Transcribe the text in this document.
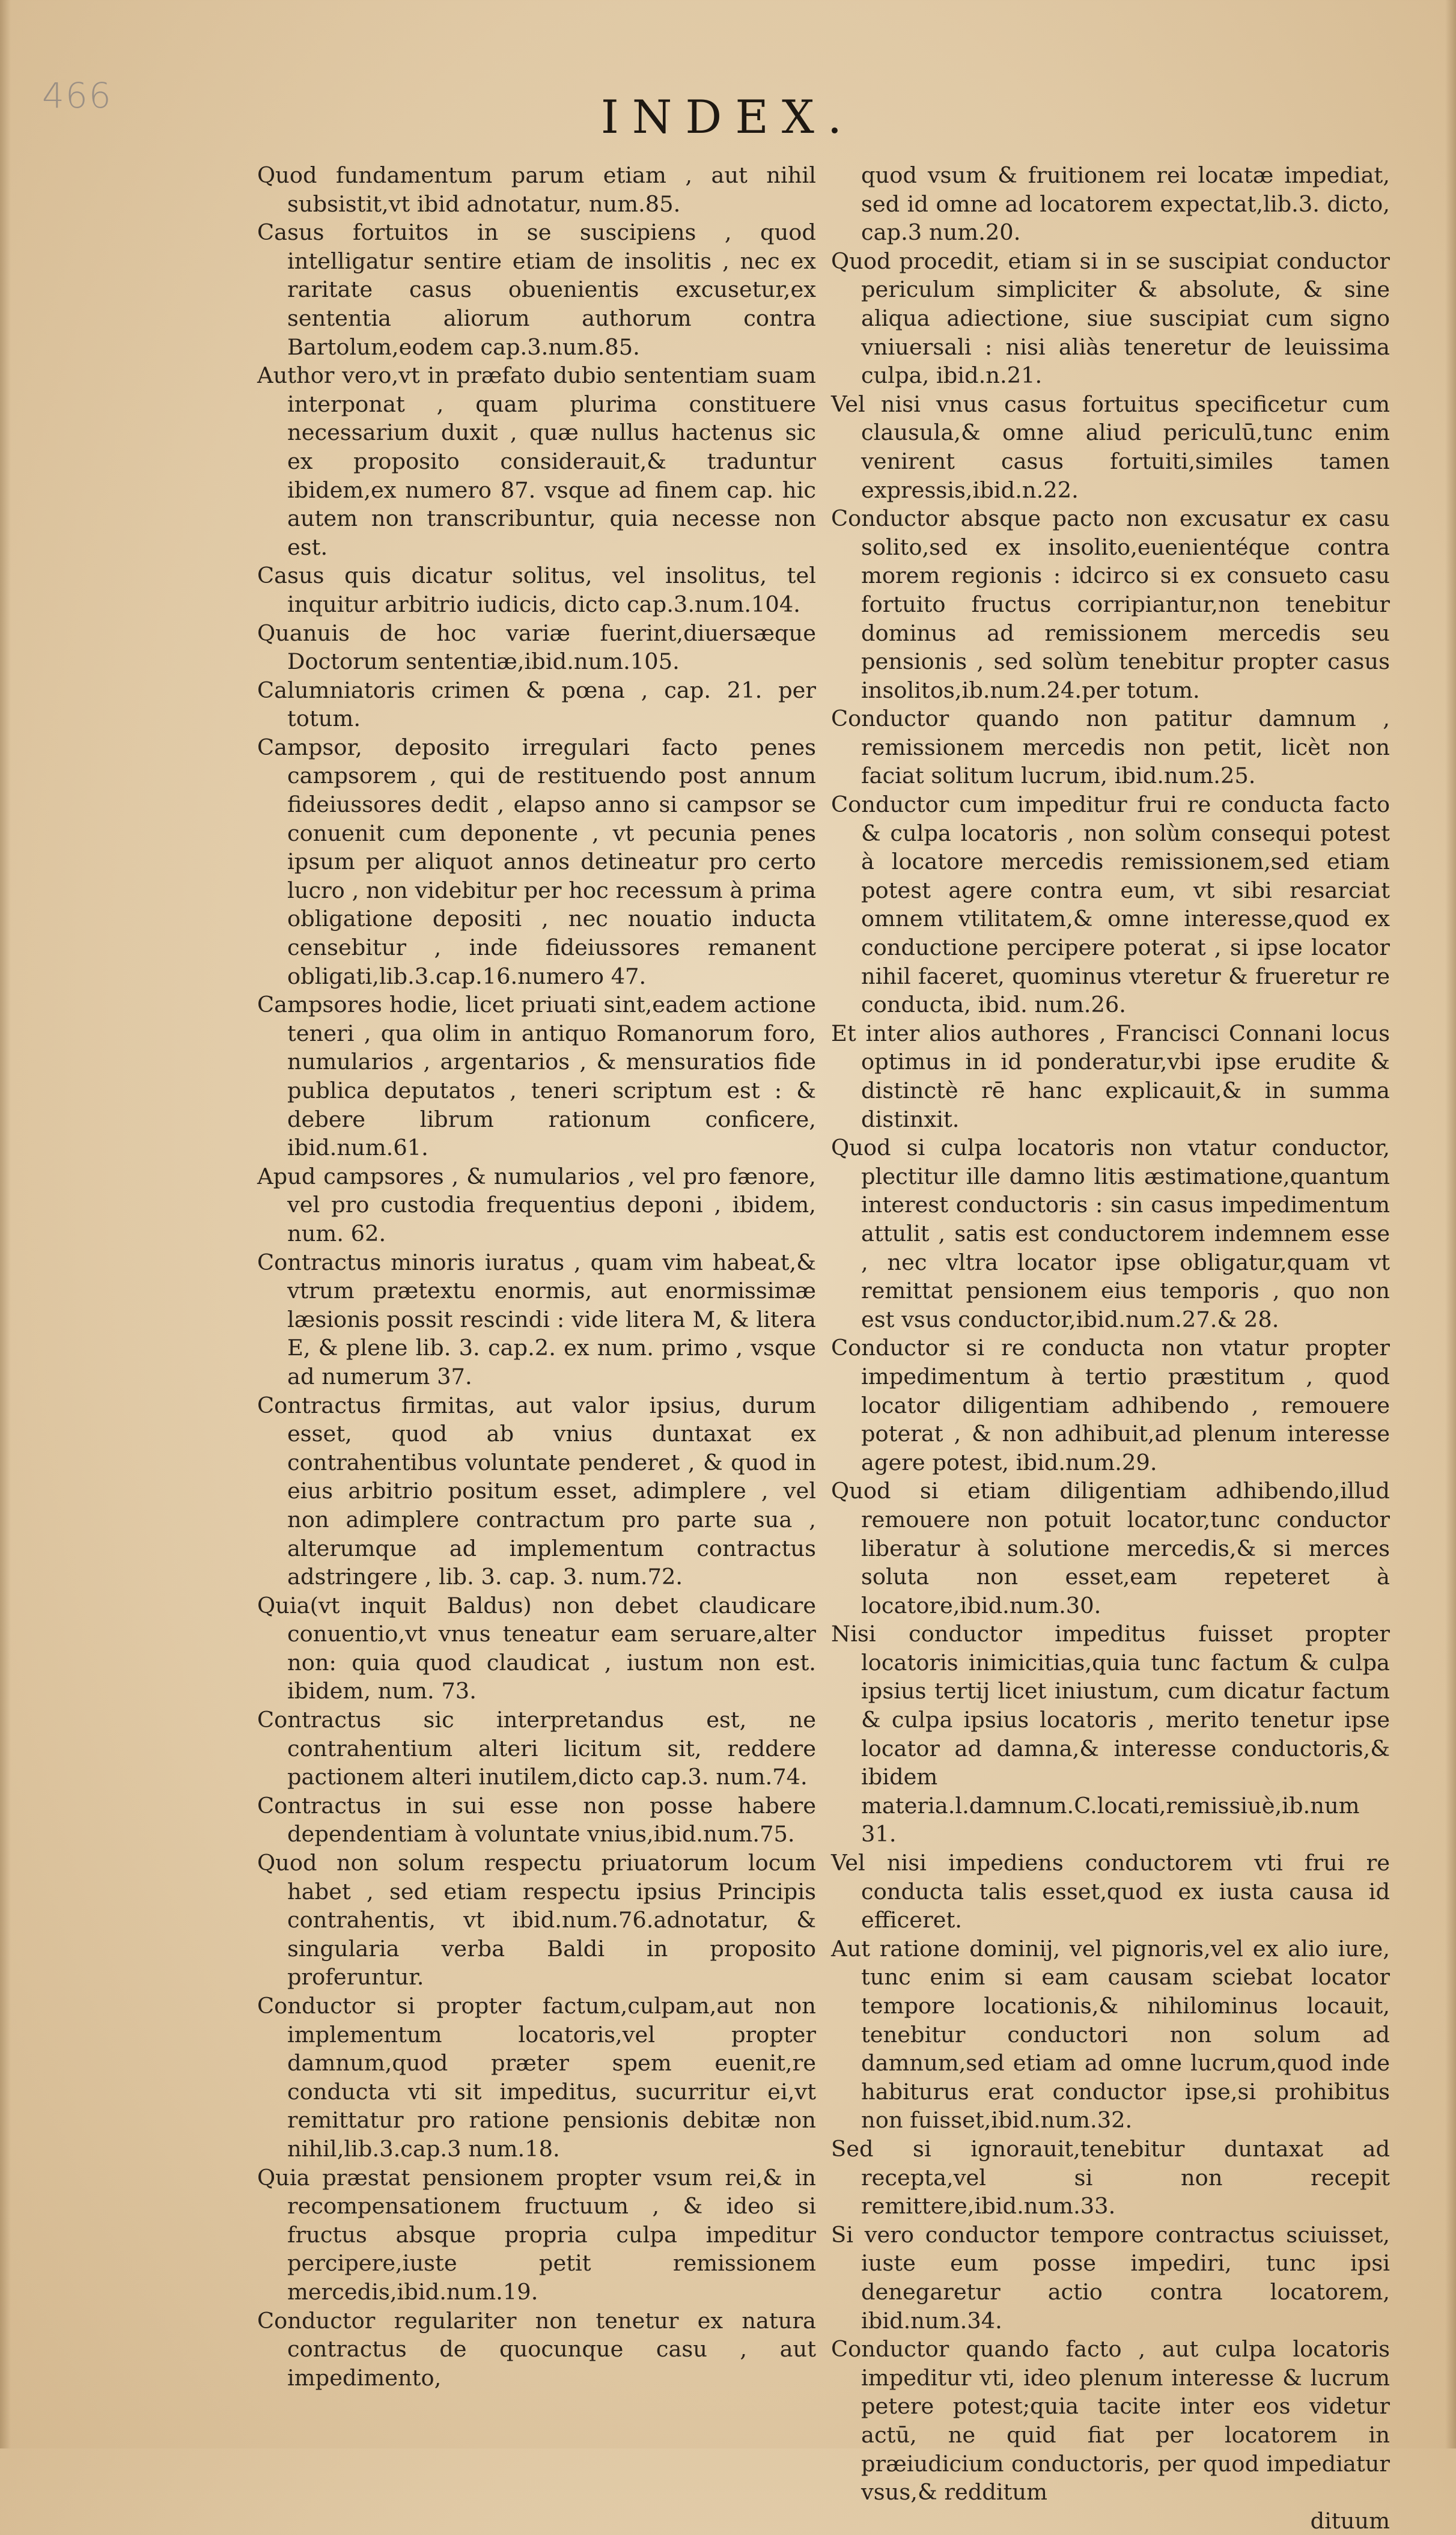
466	INDEX.

Quod fundamentum parum etiam , aut nihil subsistit,vt ibid adnotatur, num.85.

Casus fortuitos in se suscipiens , quod intelligatur sentire etiam de insolitis , nec ex raritate casus obuenientis excusetur,ex sententia aliorum authorum contra Bartolum,eodem cap.3.num.85.

Author vero,vt in præfato dubio sententiam suam interponat , quam plurima constituere necessarium duxit , quæ nullus hactenus sic ex proposito considerauit,& traduntur ibidem,ex numero 87. vsque ad finem cap. hic autem non transcribuntur, quia necesse non est.

Casus quis dicatur solitus, vel insolitus, tel inquitur arbitrio iudicis, dicto cap.3.num.104.

Quanuis de hoc variæ fuerint,diuersæque Doctorum sententiæ,ibid.num.105.

Calumniatoris crimen & pœna , cap. 21. per totum.

Campsor, deposito irregulari facto penes campsorem , qui de restituendo post annum fideiussores dedit , elapso anno si campsor se conuenit cum deponente , vt pecunia penes ipsum per aliquot annos detineatur pro certo lucro , non videbitur per hoc recessum à prima obligatione depositi , nec nouatio inducta censebitur , inde fideiussores remanent obligati,lib.3.cap.16.numero 47.

Campsores hodie, licet priuati sint,eadem actione teneri , qua olim in antiquo Romanorum foro, numularios , argentarios , & mensuratios fide publica deputatos , teneri scriptum est : & debere librum rationum conficere, ibid.num.61.

Apud campsores , & numularios , vel pro fænore, vel pro custodia frequentius deponi , ibidem, num. 62.

Contractus minoris iuratus , quam vim habeat,& vtrum prætextu enormis, aut enormissimæ læsionis possit rescindi : vide litera M, & litera E, & plene lib. 3. cap.2. ex num. primo , vsque ad numerum 37.

Contractus firmitas, aut valor ipsius, durum esset, quod ab vnius duntaxat ex contrahentibus voluntate penderet , & quod in eius arbitrio positum esset, adimplere , vel non adimplere contractum pro parte sua , alterumque ad implementum contractus adstringere , lib. 3. cap. 3. num.72.

Quia(vt inquit Baldus) non debet claudicare conuentio,vt vnus teneatur eam seruare,alter non: quia quod claudicat , iustum non est. ibidem, num. 73.

Contractus sic interpretandus est, ne contrahentium alteri licitum sit, reddere pactionem alteri inutilem,dicto cap.3. num.74.

Contractus in sui esse non posse habere dependentiam à voluntate vnius,ibid.num.75.

Quod non solum respectu priuatorum locum habet , sed etiam respectu ipsius Principis contrahentis, vt ibid.num.76.adnotatur, & singularia verba Baldi in proposito proferuntur.

Conductor si propter factum,culpam,aut non implementum locatoris,vel propter damnum,quod præter spem euenit,re conducta vti sit impeditus, sucurritur ei,vt remittatur pro ratione pensionis debitæ non nihil,lib.3.cap.3 num.18.

Quia præstat pensionem propter vsum rei,& in recompensationem fructuum , & ideo si fructus absque propria culpa impeditur percipere,iuste petit remissionem mercedis,ibid.num.19.

Conductor regulariter non tenetur ex natura contractus de quocunque casu , aut impedimento,

quod vsum & fruitionem rei locatæ impediat, sed id omne ad locatorem expectat,lib.3. dicto, cap.3 num.20.

Quod procedit, etiam si in se suscipiat conductor periculum simpliciter & absolute, & sine aliqua adiectione, siue suscipiat cum signo vniuersali : nisi aliàs teneretur de leuissima culpa, ibid.n.21.

Vel nisi vnus casus fortuitus specificetur cum clausula,& omne aliud periculū,tunc enim venirent casus fortuiti,similes tamen expressis,ibid.n.22.

Conductor absque pacto non excusatur ex casu solito,sed ex insolito,euenientéque contra morem regionis : idcirco si ex consueto casu fortuito fructus corripiantur,non tenebitur dominus ad remissionem mercedis seu pensionis , sed solùm tenebitur propter casus insolitos,ib.num.24.per totum.

Conductor quando non patitur damnum , remissionem mercedis non petit, licèt non faciat solitum lucrum, ibid.num.25.

Conductor cum impeditur frui re conducta facto & culpa locatoris , non solùm consequi potest à locatore mercedis remissionem,sed etiam potest agere contra eum, vt sibi resarciat omnem vtilitatem,& omne interesse,quod ex conductione percipere poterat , si ipse locator nihil faceret, quominus vteretur & frueretur re conducta, ibid. num.26.

Et inter alios authores , Francisci Connani locus optimus in id ponderatur,vbi ipse erudite & distinctè rē hanc explicauit,& in summa distinxit.

Quod si culpa locatoris non vtatur conductor, plectitur ille damno litis æstimatione,quantum interest conductoris : sin casus impedimentum attulit , satis est conductorem indemnem esse , nec vltra locator ipse obligatur,quam vt remittat pensionem eius temporis , quo non est vsus conductor,ibid.num.27.& 28.

Conductor si re conducta non vtatur propter impedimentum à tertio præstitum , quod locator diligentiam adhibendo , remouere poterat , & non adhibuit,ad plenum interesse agere potest, ibid.num.29.

Quod si etiam diligentiam adhibendo,illud remouere non potuit locator,tunc conductor liberatur à solutione mercedis,& si merces soluta non esset,eam repeteret à locatore,ibid.num.30.

Nisi conductor impeditus fuisset propter locatoris inimicitias,quia tunc factum & culpa ipsius tertij licet iniustum, cum dicatur factum & culpa ipsius locatoris , merito tenetur ipse locator ad damna,& interesse conductoris,& ibidem materia.l.damnum.C.locati,remissiuè,ib.num 31.

Vel nisi impediens conductorem vti frui re conducta talis esset,quod ex iusta causa id efficeret.

Aut ratione dominij, vel pignoris,vel ex alio iure, tunc enim si eam causam sciebat locator tempore locationis,& nihilominus locauit, tenebitur conductori non solum ad damnum,sed etiam ad omne lucrum,quod inde habiturus erat conductor ipse,si prohibitus non fuisset,ibid.num.32.

Sed si ignorauit,tenebitur duntaxat ad recepta,vel si non recepit remittere,ibid.num.33.

Si vero conductor tempore contractus sciuisset, iuste eum posse impediri, tunc ipsi denegaretur actio contra locatorem, ibid.num.34.

Conductor quando facto , aut culpa locatoris impeditur vti, ideo plenum interesse & lucrum petere potest;quia tacite inter eos videtur actū, ne quid fiat per locatorem in præiudicium conductoris, per quod impediatur vsus,& redditum

dituum
